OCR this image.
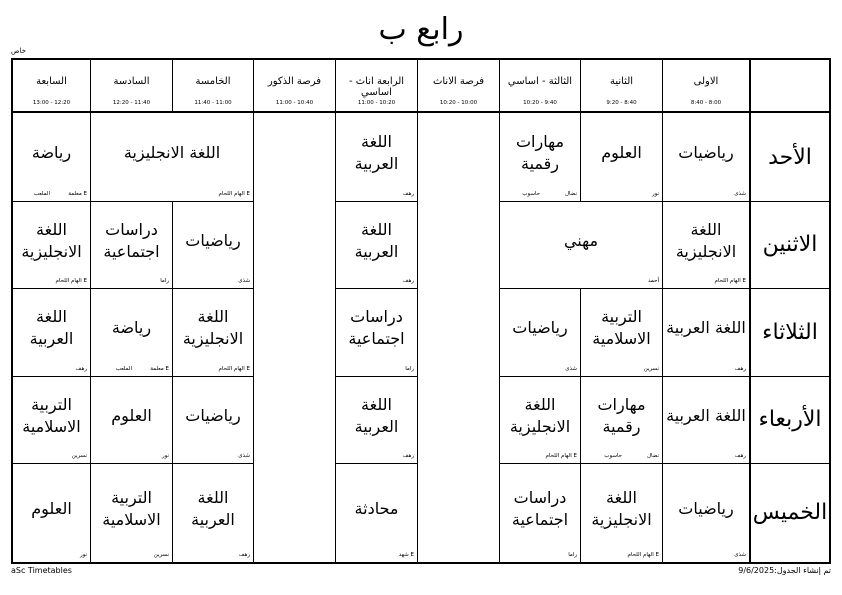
رابع ب
خاص
الاولى
8:00 - 8:40
الثانية
8:40 - 9:20
الثالثة - اساسي
9:40 - 10:20
فرصة الاناث
10:00 - 10:20
الرابعة اناث - اساسي
10:20 - 11:00
فرصة الذكور
10:40 - 11:00
الخامسة
11:00 - 11:40
السادسة
11:40 - 12:20
السابعة
12:20 - 13:00
الأحد
الاثنين
الثلاثاء
الأربعاء
الخميس
رياضيات
شذى
العلوم
نور
مهارات رقمية
نضال
حاسوب
اللغة العربية
رهف
اللغة الانجليزية
E الهام اللحام
رياضة
E معلمة
الملعب
اللغة الانجليزية
E الهام اللحام
مهني
أحمد
اللغة العربية
رهف
رياضيات
شذى
دراسات اجتماعية
راما
اللغة الانجليزية
E الهام اللحام
اللغة العربية
رهف
التربية الاسلامية
نسرين
رياضيات
شذى
دراسات اجتماعية
راما
اللغة الانجليزية
E الهام اللحام
رياضة
E معلمة
الملعب
اللغة العربية
رهف
اللغة العربية
رهف
مهارات رقمية
نضال
حاسوب
اللغة الانجليزية
E الهام اللحام
اللغة العربية
رهف
رياضيات
شذى
العلوم
نور
التربية الاسلامية
نسرين
رياضيات
شذى
اللغة الانجليزية
E الهام اللحام
دراسات اجتماعية
راما
محادثة
E شهد
اللغة العربية
رهف
التربية الاسلامية
نسرين
العلوم
نور
aSc Timetables	تم إنشاء الجدول:9/6/2025
